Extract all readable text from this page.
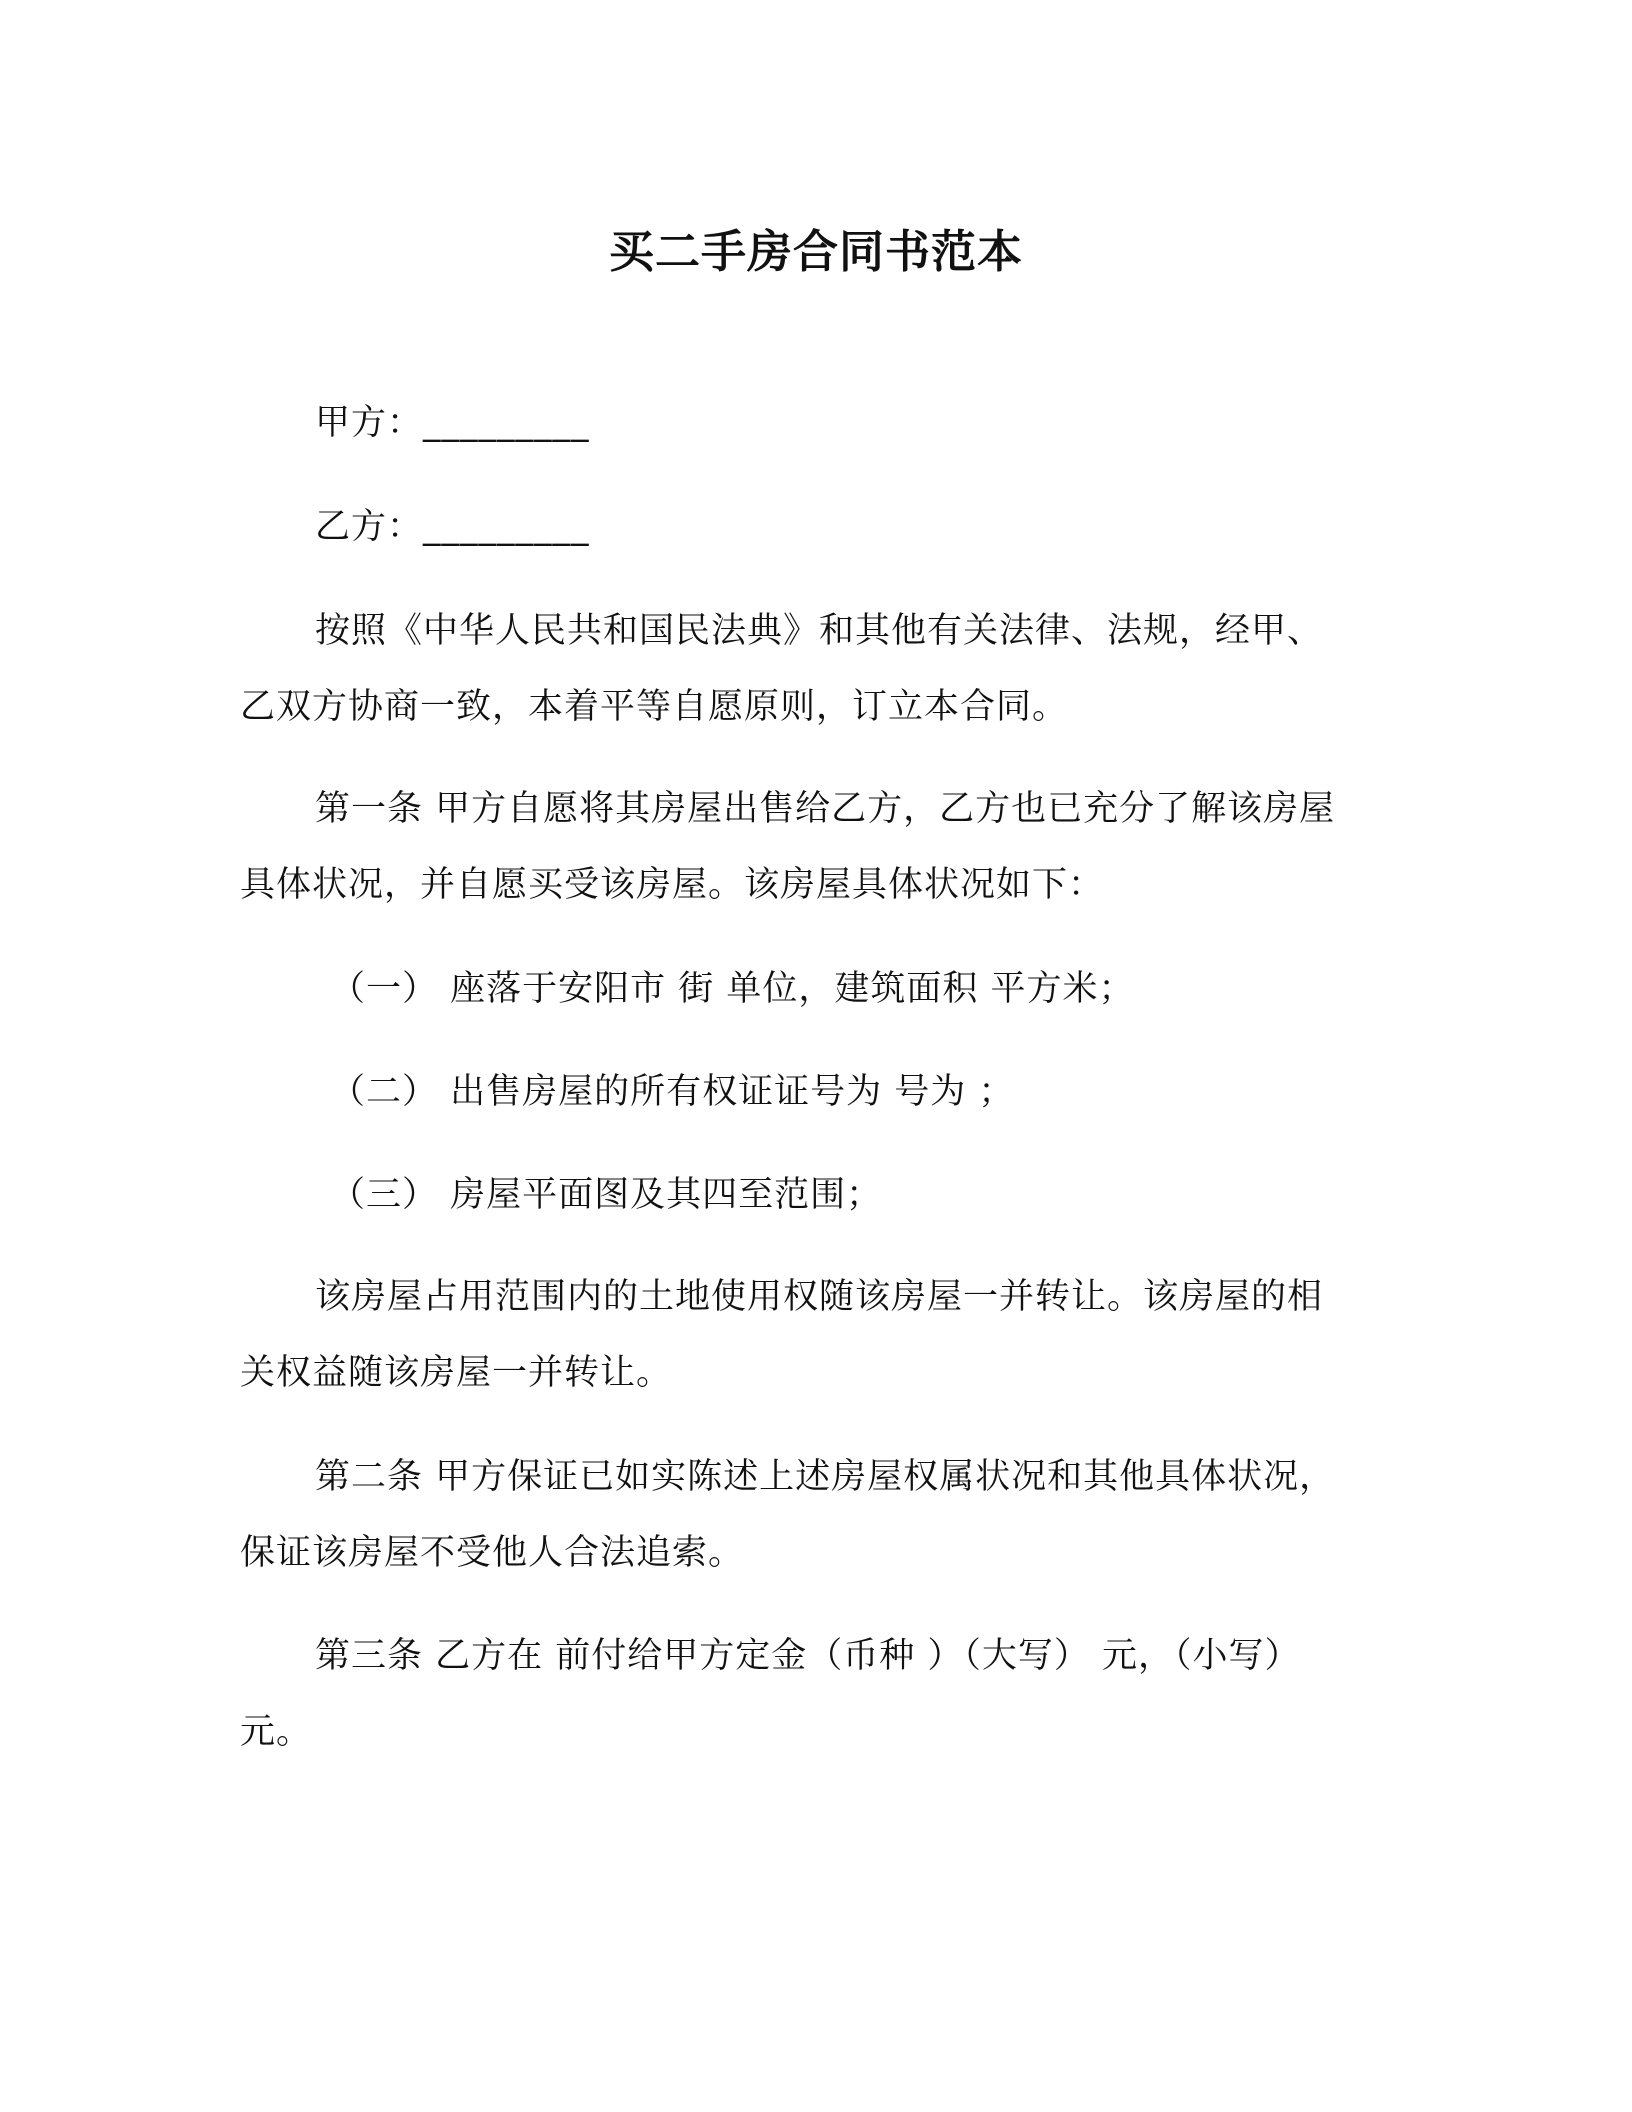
买二手房合同书范本
甲方：_________
乙方：_________
按照《中华人民共和国民法典》和其他有关法律、法规，经甲、
乙双方协商一致，本着平等自愿原则，订立本合同。
第一条 甲方自愿将其房屋出售给乙方，乙方也已充分了解该房屋
具体状况，并自愿买受该房屋。该房屋具体状况如下：
（一） 座落于安阳市 街 单位，建筑面积 平方米；
（二） 出售房屋的所有权证证号为 号为 ；
（三） 房屋平面图及其四至范围；
该房屋占用范围内的土地使用权随该房屋一并转让。该房屋的相
关权益随该房屋一并转让。
第二条 甲方保证已如实陈述上述房屋权属状况和其他具体状况，
保证该房屋不受他人合法追索。
第三条 乙方在 前付给甲方定金（币种 ）（大写） 元，（小写）
元。
